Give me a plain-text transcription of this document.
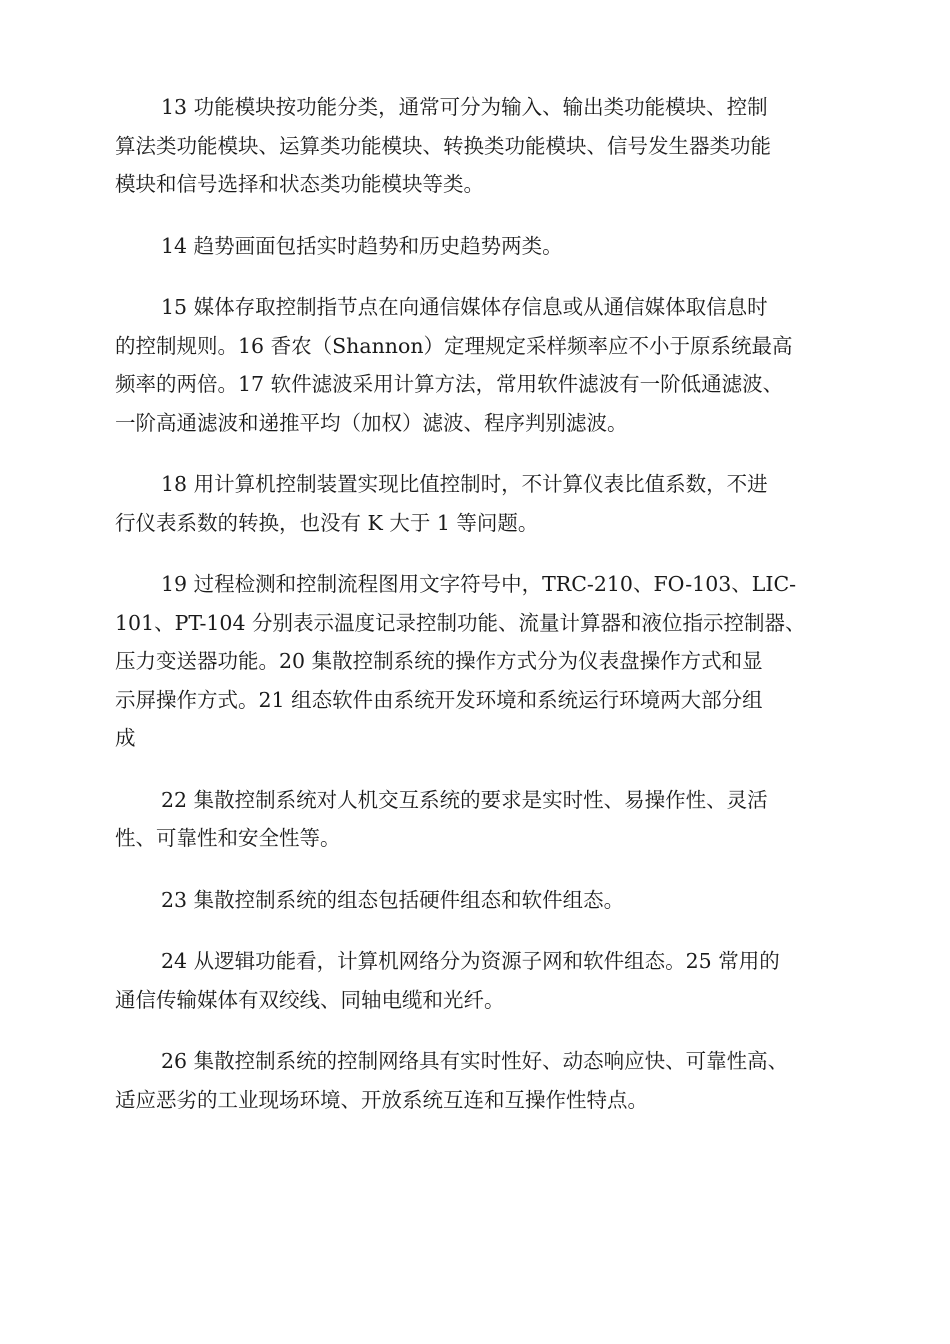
13 功能模块按功能分类，通常可分为输入、输出类功能模块、控制
算法类功能模块、运算类功能模块、转换类功能模块、信号发生器类功能
模块和信号选择和状态类功能模块等类。

14 趋势画面包括实时趋势和历史趋势两类。

15 媒体存取控制指节点在向通信媒体存信息或从通信媒体取信息时
的控制规则。16 香农（Shannon）定理规定采样频率应不小于原系统最高
频率的两倍。17 软件滤波采用计算方法，常用软件滤波有一阶低通滤波、
一阶高通滤波和递推平均（加权）滤波、程序判别滤波。

18 用计算机控制装置实现比值控制时，不计算仪表比值系数，不进
行仪表系数的转换，也没有 K 大于 1 等问题。

19 过程检测和控制流程图用文字符号中，TRC-210、FO-103、LIC-
101、PT-104 分别表示温度记录控制功能、流量计算器和液位指示控制器、
压力变送器功能。20 集散控制系统的操作方式分为仪表盘操作方式和显
示屏操作方式。21 组态软件由系统开发环境和系统运行环境两大部分组
成

22 集散控制系统对人机交互系统的要求是实时性、易操作性、灵活
性、可靠性和安全性等。

23 集散控制系统的组态包括硬件组态和软件组态。

24 从逻辑功能看，计算机网络分为资源子网和软件组态。25 常用的
通信传输媒体有双绞线、同轴电缆和光纤。

26 集散控制系统的控制网络具有实时性好、动态响应快、可靠性高、
适应恶劣的工业现场环境、开放系统互连和互操作性特点。
